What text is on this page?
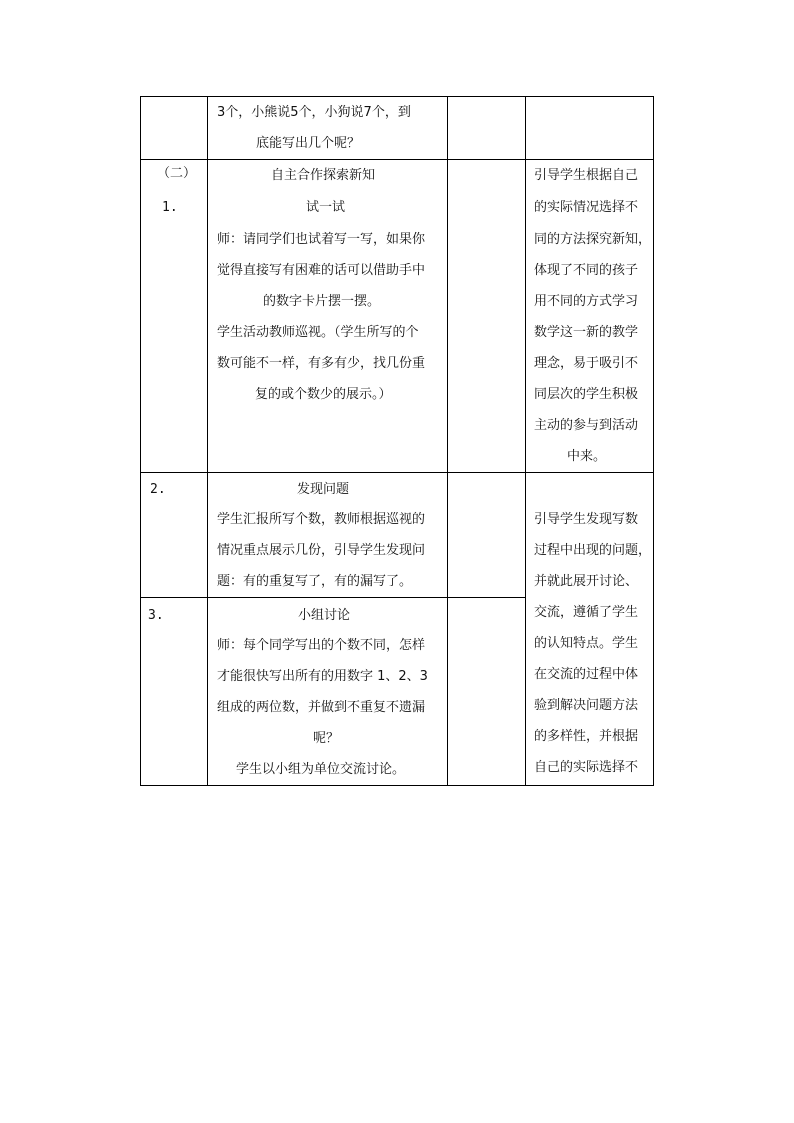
3个，小熊说5个，小狗说7个，到
底能写出几个呢？
（二）
1.
自主合作探索新知
试一试
师：请同学们也试着写一写，如果你
觉得直接写有困难的话可以借助手中
的数字卡片摆一摆。
学生活动教师巡视。（学生所写的个
数可能不一样，有多有少，找几份重
复的或个数少的展示。）
引导学生根据自己
的实际情况选择不
同的方法探究新知，
体现了不同的孩子
用不同的方式学习
数学这一新的教学
理念，易于吸引不
同层次的学生积极
主动的参与到活动
中来。
2.	发现问题
学生汇报所写个数，教师根据巡视的
情况重点展示几份，引导学生发现问
题：有的重复写了，有的漏写了。
3.	小组讨论
师：每个同学写出的个数不同，怎样
才能很快写出所有的用数字 1、2、3
组成的两位数，并做到不重复不遗漏
呢？
学生以小组为单位交流讨论。
引导学生发现写数
过程中出现的问题，
并就此展开讨论、
交流，遵循了学生
的认知特点。学生
在交流的过程中体
验到解决问题方法
的多样性，并根据
自己的实际选择不
